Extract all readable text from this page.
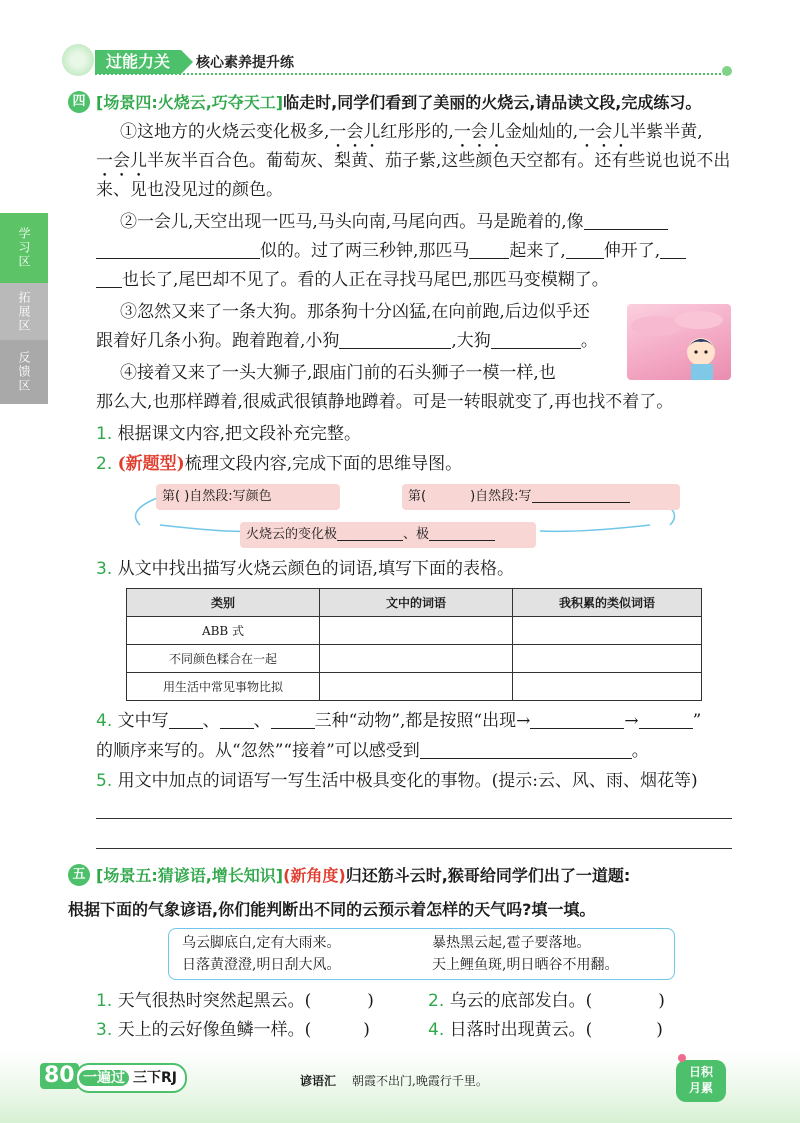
过能力关	核心素养提升练
学习区
拓展区
反馈区
四 [场景四:火烧云,巧夺天工]临走时,同学们看到了美丽的火烧云,请品读文段,完成练习。
①这地方的火烧云变化极多,一会儿红彤彤的,一会儿金灿灿的,一会儿半紫半黄,
一会儿半灰半百合色。葡萄灰、梨黄、茄子紫,这些颜色天空都有。还有些说也说不出
来、见也没见过的颜色。
②一会儿,天空出现一匹马,马头向南,马尾向西。马是跪着的,像
似的。过了两三秒钟,那匹马 起来了, 伸开了,
也长了,尾巴却不见了。看的人正在寻找马尾巴,那匹马变模糊了。
③忽然又来了一条大狗。那条狗十分凶猛,在向前跑,后边似乎还
跟着好几条小狗。跑着跑着,小狗	,大狗	。
④接着又来了一头大狮子,跟庙门前的石头狮子一模一样,也
那么大,也那样蹲着,很威武很镇静地蹲着。可是一转眼就变了,再也找不着了。
1. 根据课文内容,把文段补充完整。
2. (新题型)梳理文段内容,完成下面的思维导图。
第( )自然段:写颜色	第(	)自然段:写
火烧云的变化极	、极
3. 从文中找出描写火烧云颜色的词语,填写下面的表格。
类别	文中的词语	我积累的类似词语
ABB 式		
不同颜色糅合在一起		
用生活中常见事物比拟		
4. 文中写 、 、	三种“动物”,都是按照“出现→	→	”
的顺序来写的。从“忽然”“接着”可以感受到	。
5. 用文中加点的词语写一写生活中极具变化的事物。(提示:云、风、雨、烟花等)
五 [场景五:猜谚语,增长知识](新角度)归还筋斗云时,猴哥给同学们出了一道题:
根据下面的气象谚语,你们能判断出不同的云预示着怎样的天气吗?填一填。
乌云脚底白,定有大雨来。	暴热黑云起,雹子要落地。
日落黄澄澄,明日刮大风。	天上鲤鱼斑,明日晒谷不用翻。
1. 天气很热时突然起黑云。(	)	2. 乌云的底部发白。(	)
3. 天上的云好像鱼鳞一样。(	)	4. 日落时出现黄云。(	)
80 一遍过 三下RJ	谚语汇 朝霞不出门,晚霞行千里。
日积
月累
